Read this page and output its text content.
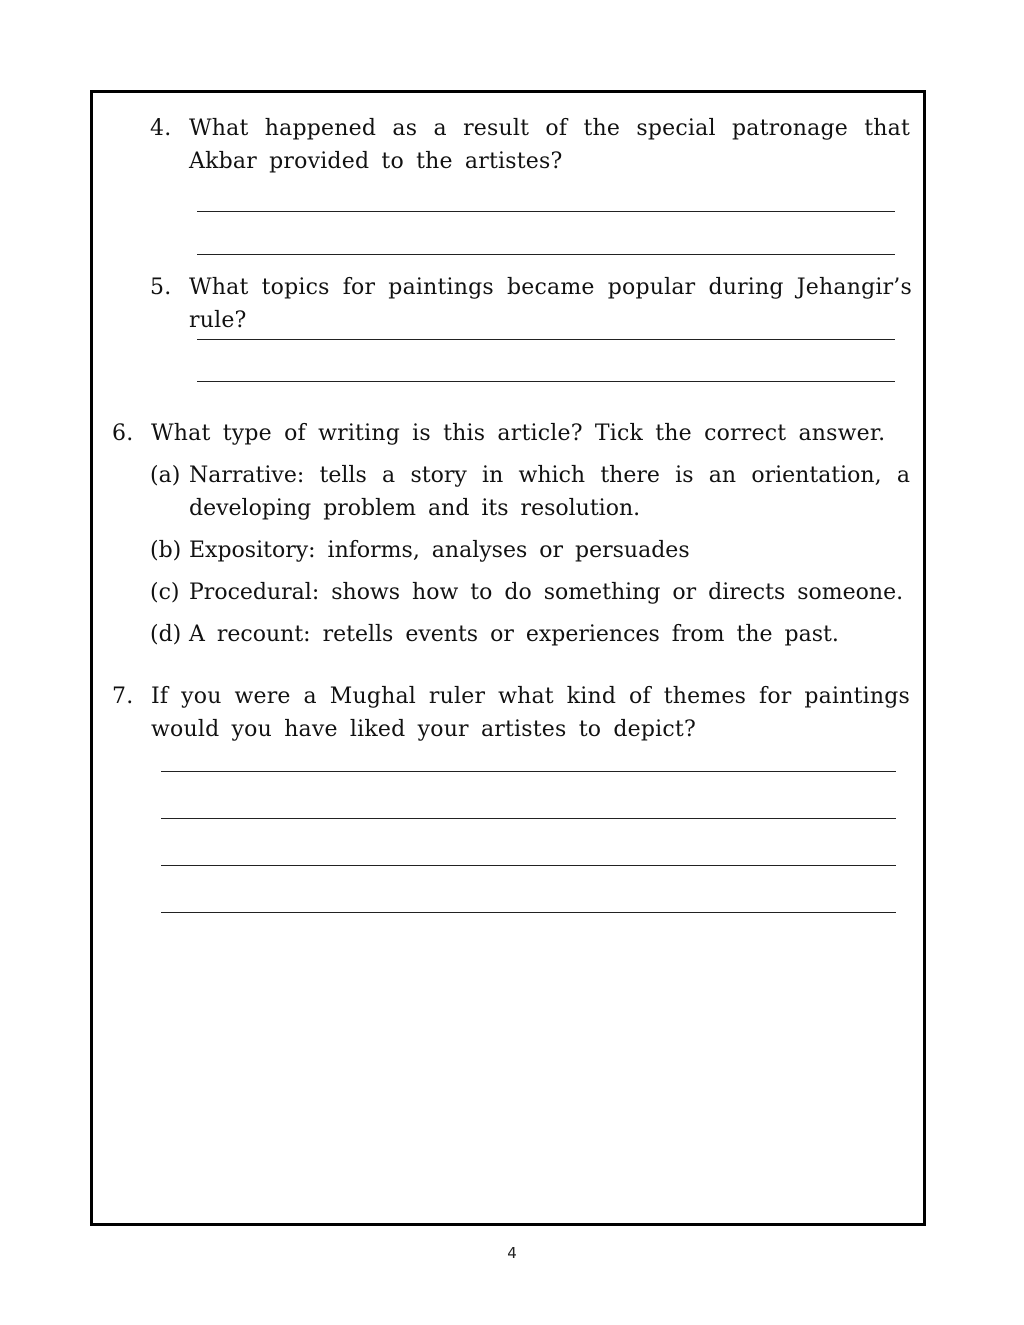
4. What happened as a result of the special patronage that Akbar provided to the artistes?
5. What topics for paintings became popular during Jehangir’s rule?
6. What type of writing is this article? Tick the correct answer.
(a) Narrative: tells a story in which there is an orientation, a developing problem and its resolution.
(b) Expository: informs, analyses or persuades
(c) Procedural: shows how to do something or directs someone.
(d) A recount: retells events or experiences from the past.
7. If you were a Mughal ruler what kind of themes for paintings would you have liked your artistes to depict?
4
